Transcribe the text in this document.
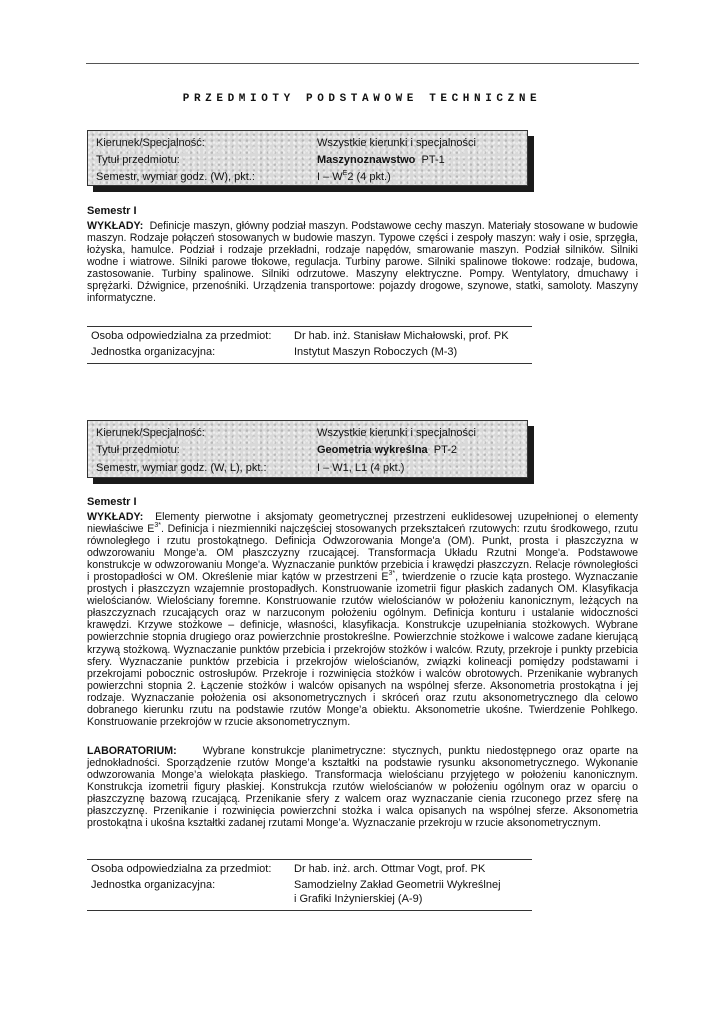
PRZEDMIOTY PODSTAWOWE TECHNICZNE
Kierunek/Specjalność:	Wszystkie kierunki i specjalności
Tytuł przedmiotu:	Maszynoznawstwo PT-1
Semestr, wymiar godz. (W), pkt.:	I – $W^E2$ (4 pkt.)
Semestr I
WYKŁADY: Definicje maszyn, główny podział maszyn. Podstawowe cechy maszyn. Materiały stosowane w budowie maszyn. Rodzaje połączeń stosowanych w budowie maszyn. Typowe części i zespoły maszyn: wały i osie, sprzęgła, łożyska, hamulce. Podział i rodzaje przekładni, rodzaje napędów, smarowanie maszyn. Podział silników. Silniki wodne i wiatrowe. Silniki parowe tłokowe, regulacja. Turbiny parowe. Silniki spalinowe tłokowe: rodzaje, budowa, zastosowanie. Turbiny spalinowe. Silniki odrzutowe. Maszyny elektryczne. Pompy. Wentylatory, dmuchawy i sprężarki. Dźwignice, przenośniki. Urządzenia transportowe: pojazdy drogowe, szynowe, statki, samoloty. Maszyny informatyczne.
Osoba odpowiedzialna za przedmiot: Dr hab. inż. Stanisław Michałowski, prof. PK
Jednostka organizacyjna:	Instytut Maszyn Roboczych (M-3)
Kierunek/Specjalność:	Wszystkie kierunki i specjalności
Tytuł przedmiotu:	Geometria wykreślna PT-2
Semestr, wymiar godz. (W, L), pkt.:	I – W1, L1 (4 pkt.)
Semestr I
WYKŁADY: Elementy pierwotne i aksjomaty geometrycznej przestrzeni euklidesowej uzupełnionej o elementy niewłaściwe $E^{3*}$. Definicja i niezmienniki najczęściej stosowanych przekształceń rzutowych: rzutu środkowego, rzutu równoległego i rzutu prostokątnego. Definicja Odwzorowania Monge'a (OM). Punkt, prosta i płaszczyzna w odwzorowaniu Monge’a. OM płaszczyzny rzucającej. Transformacja Układu Rzutni Monge'a. Podstawowe konstrukcje w odwzorowaniu Monge'a. Wyznaczanie punktów przebicia i krawędzi płaszczyzn. Relacje równoległości i prostopadłości w OM. Określenie miar kątów w przestrzeni $E^{3*}$, twierdzenie o rzucie kąta prostego. Wyznaczanie prostych i płaszczyzn wzajemnie prostopadłych. Konstruowanie izometrii figur płaskich zadanych OM. Klasyfikacja wielościanów. Wielościany foremne. Konstruowanie rzutów wielościanów w położeniu kanonicznym, leżących na płaszczyznach rzucających oraz w narzuconym położeniu ogólnym. Definicja konturu i ustalanie widoczności krawędzi. Krzywe stożkowe – definicje, własności, klasyfikacja. Konstrukcje uzupełniania stożkowych. Wybrane powierzchnie stopnia drugiego oraz powierzchnie prostokreślne. Powierzchnie stożkowe i walcowe zadane kierującą krzywą stożkową. Wyznaczanie punktów przebicia i przekrojów stożków i walców. Rzuty, przekroje i punkty przebicia sfery. Wyznaczanie punktów przebicia i przekrojów wielościanów, związki kolineacji pomiędzy podstawami i przekrojami pobocznic ostrosłupów. Przekroje i rozwinięcia stożków i walców obrotowych. Przenikanie wybranych powierzchni stopnia 2. Łączenie stożków i walców opisanych na wspólnej sferze. Aksonometria prostokątna i jej rodzaje. Wyznaczanie położenia osi aksonometrycznych i skróceń oraz rzutu aksonometrycznego dla celowo dobranego kierunku rzutu na podstawie rzutów Monge’a obiektu. Aksonometrie ukośne. Twierdzenie Pohlkego. Konstruowanie przekrojów w rzucie aksonometrycznym.
LABORATORIUM: Wybrane konstrukcje planimetryczne: stycznych, punktu niedostępnego oraz oparte na jednokładności. Sporządzenie rzutów Monge’a kształtki na podstawie rysunku aksonometrycznego. Wykonanie odwzorowania Monge’a wielokąta płaskiego. Transformacja wielościanu przyjętego w położeniu kanonicznym. Konstrukcja izometrii figury płaskiej. Konstrukcja rzutów wielościanów w położeniu ogólnym oraz w oparciu o płaszczyznę bazową rzucającą. Przenikanie sfery z walcem oraz wyznaczanie cienia rzuconego przez sferę na płaszczyznę. Przenikanie i rozwinięcia powierzchni stożka i walca opisanych na wspólnej sferze. Aksonometria prostokątna i ukośna kształtki zadanej rzutami Monge’a. Wyznaczanie przekroju w rzucie aksonometrycznym.
Osoba odpowiedzialna za przedmiot: Dr hab. inż. arch. Ottmar Vogt, prof. PK
Jednostka organizacyjna:	Samodzielny Zakład Geometrii Wykreślnej
i Grafiki Inżynierskiej (A-9)
